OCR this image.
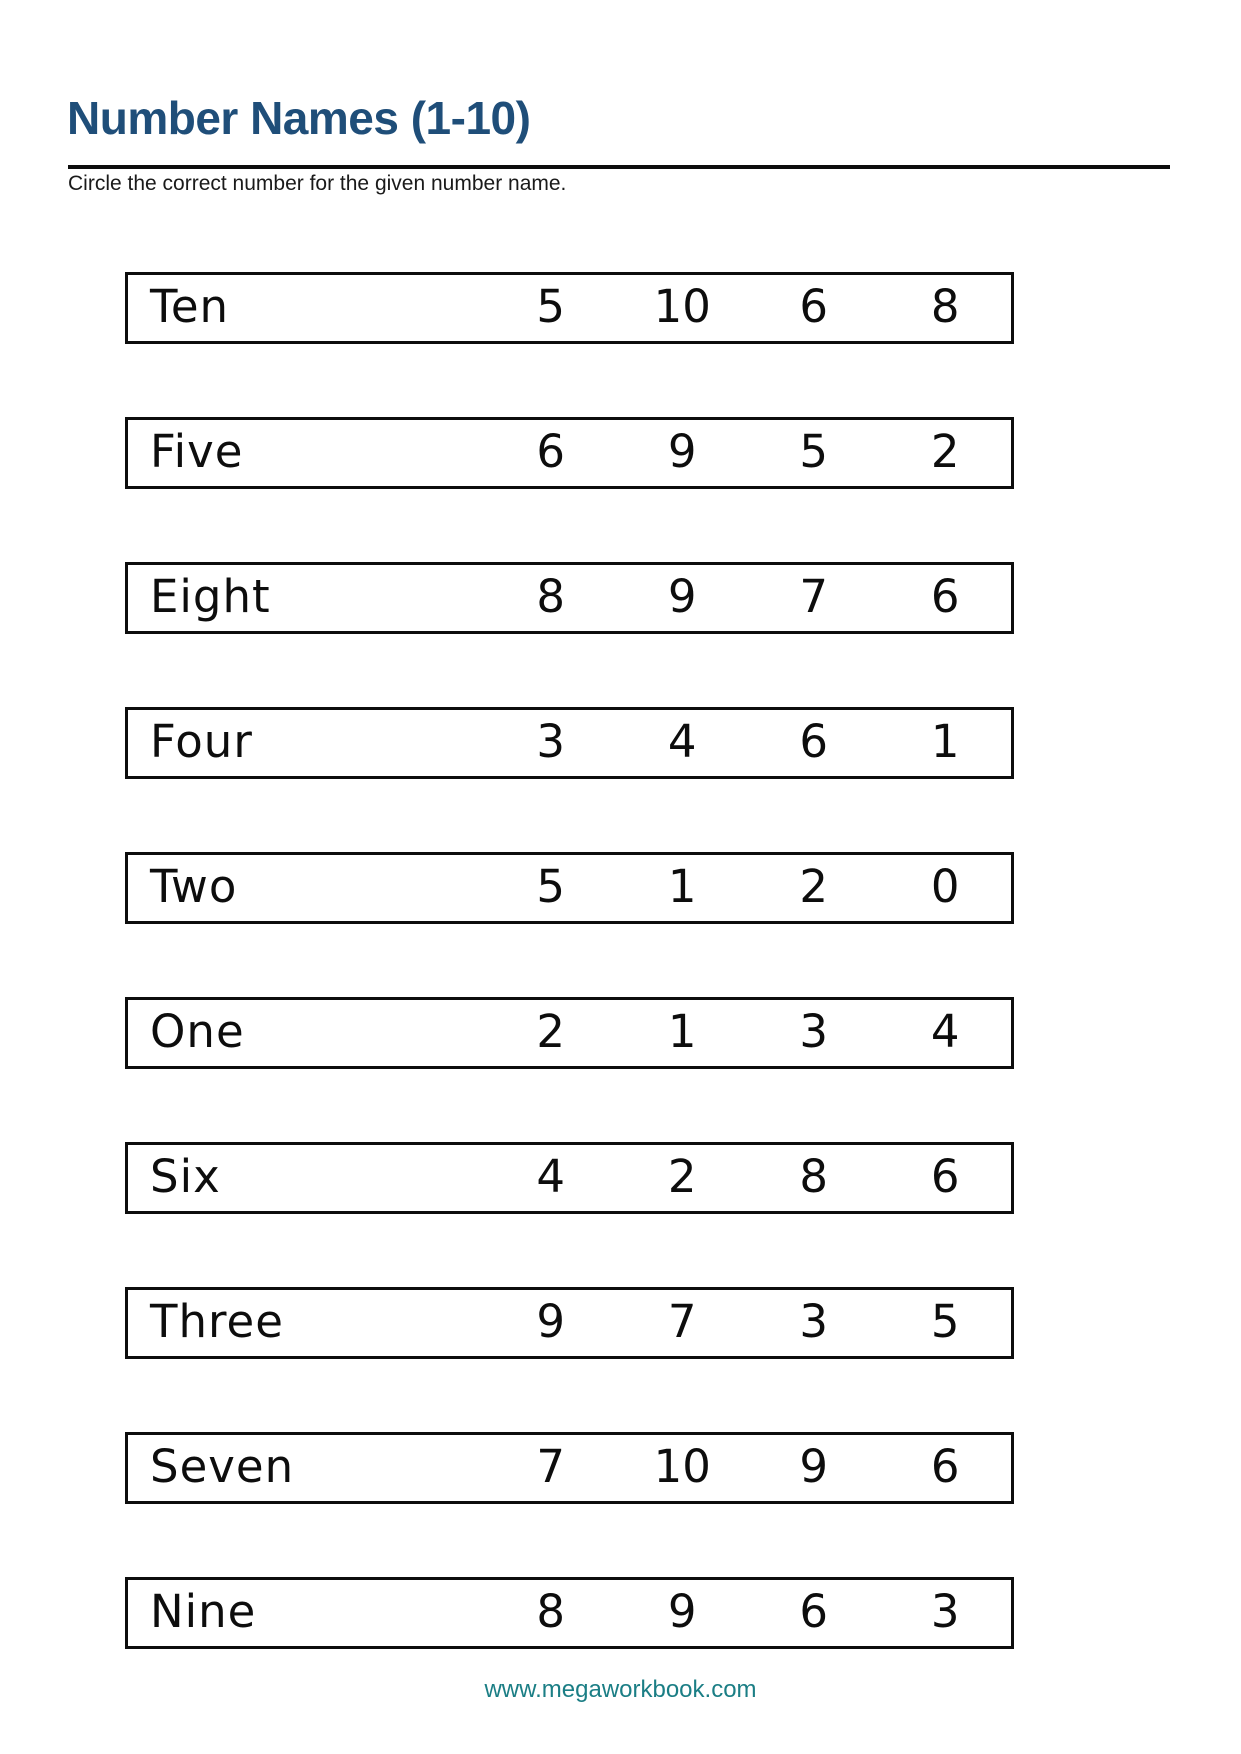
Number Names (1-10)
Circle the correct number for the given number name.
Ten	5	10	6	8
Five	6	9	5	2
Eight	8	9	7	6
Four	3	4	6	1
Two	5	1	2	0
One	2	1	3	4
Six	4	2	8	6
Three	9	7	3	5
Seven	7	10	9	6
Nine	8	9	6	3
www.megaworkbook.com
